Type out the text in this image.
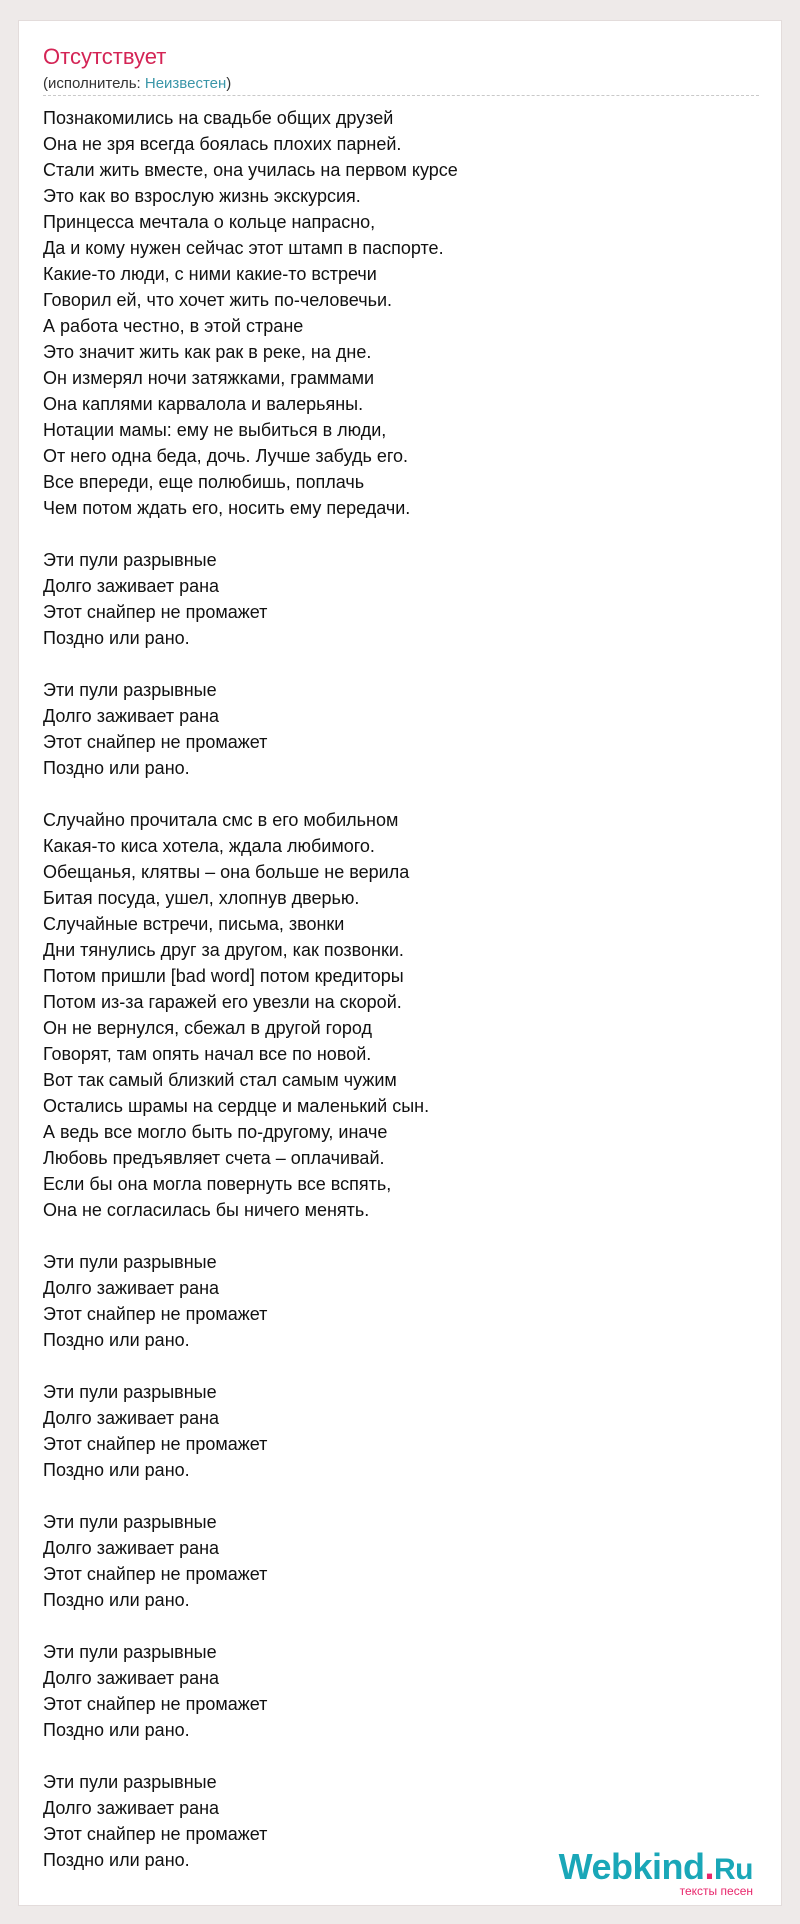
Отсутствует
(исполнитель: Неизвестен)
Познакомились на свадьбе общих друзей
Она не зря всегда боялась плохих парней.
Стали жить вместе, она училась на первом курсе
Это как во взрослую жизнь экскурсия.
Принцесса мечтала о кольце напрасно,
Да и кому нужен сейчас этот штамп в паспорте.
Какие-то люди, с ними какие-то встречи
Говорил ей, что хочет жить по-человечьи.
А работа честно, в этой стране
Это значит жить как рак в реке, на дне.
Он измерял ночи затяжками, граммами
Она каплями карвалола и валерьяны.
Нотации мамы: ему не выбиться в люди,
От него одна беда, дочь. Лучше забудь его.
Все впереди, еще полюбишь, поплачь
Чем потом ждать его, носить ему передачи.
Эти пули разрывные
Долго заживает рана
Этот снайпер не промажет
Поздно или рано.
Эти пули разрывные
Долго заживает рана
Этот снайпер не промажет
Поздно или рано.
Случайно прочитала смс в его мобильном
Какая-то киса хотела, ждала любимого.
Обещанья, клятвы – она больше не верила
Битая посуда, ушел, хлопнув дверью.
Случайные встречи, письма, звонки
Дни тянулись друг за другом, как позвонки.
Потом пришли [bad word] потом кредиторы
Потом из-за гаражей его увезли на скорой.
Он не вернулся, сбежал в другой город
Говорят, там опять начал все по новой.
Вот так самый близкий стал самым чужим
Остались шрамы на сердце и маленький сын.
А ведь все могло быть по-другому, иначе
Любовь предъявляет счета – оплачивай.
Если бы она могла повернуть все вспять,
Она не согласилась бы ничего менять.
Эти пули разрывные
Долго заживает рана
Этот снайпер не промажет
Поздно или рано.
Эти пули разрывные
Долго заживает рана
Этот снайпер не промажет
Поздно или рано.
Эти пули разрывные
Долго заживает рана
Этот снайпер не промажет
Поздно или рано.
Эти пули разрывные
Долго заживает рана
Этот снайпер не промажет
Поздно или рано.
Эти пули разрывные
Долго заживает рана
Этот снайпер не промажет
Поздно или рано.	Webkind.Ru
тексты песен
